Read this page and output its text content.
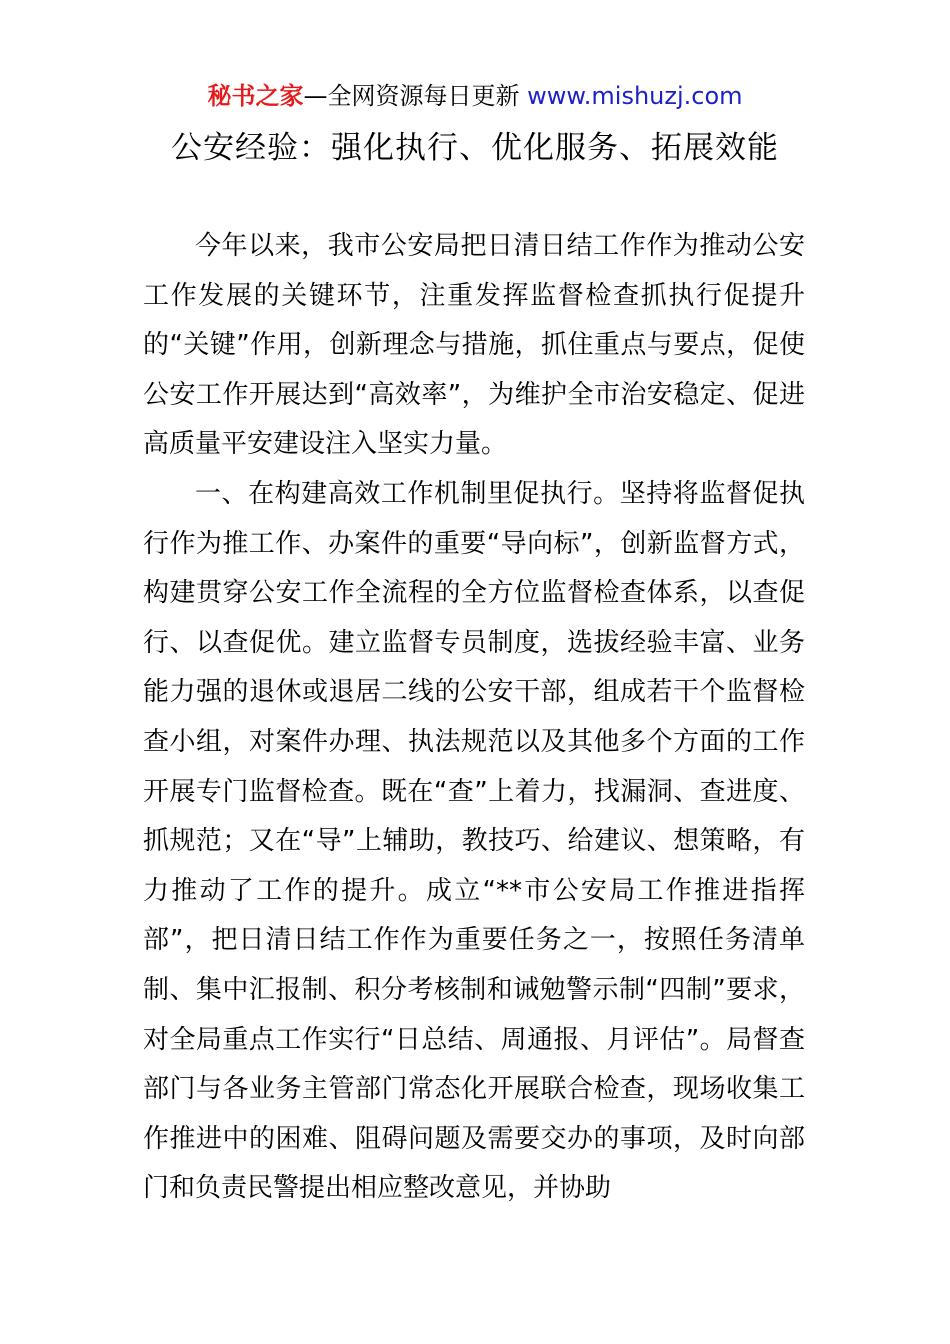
秘书之家—全网资源每日更新 www.mishuzj.com
公安经验：强化执行、优化服务、拓展效能

今年以来，我市公安局把日清日结工作作为推动公安工作发展的关键环节，注重发挥监督检查抓执行促提升的“关键”作用，创新理念与措施，抓住重点与要点，促使公安工作开展达到“高效率”，为维护全市治安稳定、促进高质量平安建设注入坚实力量。

一、在构建高效工作机制里促执行。坚持将监督促执行作为推工作、办案件的重要“导向标”，创新监督方式，构建贯穿公安工作全流程的全方位监督检查体系，以查促行、以查促优。建立监督专员制度，选拔经验丰富、业务能力强的退休或退居二线的公安干部，组成若干个监督检查小组，对案件办理、执法规范以及其他多个方面的工作开展专门监督检查。既在“查”上着力，找漏洞、查进度、抓规范；又在“导”上辅助，教技巧、给建议、想策略，有力推动了工作的提升。成立“**市公安局工作推进指挥部”，把日清日结工作作为重要任务之一，按照任务清单制、集中汇报制、积分考核制和诫勉警示制“四制”要求，对全局重点工作实行“日总结、周通报、月评估”。局督查部门与各业务主管部门常态化开展联合检查，现场收集工作推进中的困难、阻碍问题及需要交办的事项，及时向部门和负责民警提出相应整改意见，并协助
